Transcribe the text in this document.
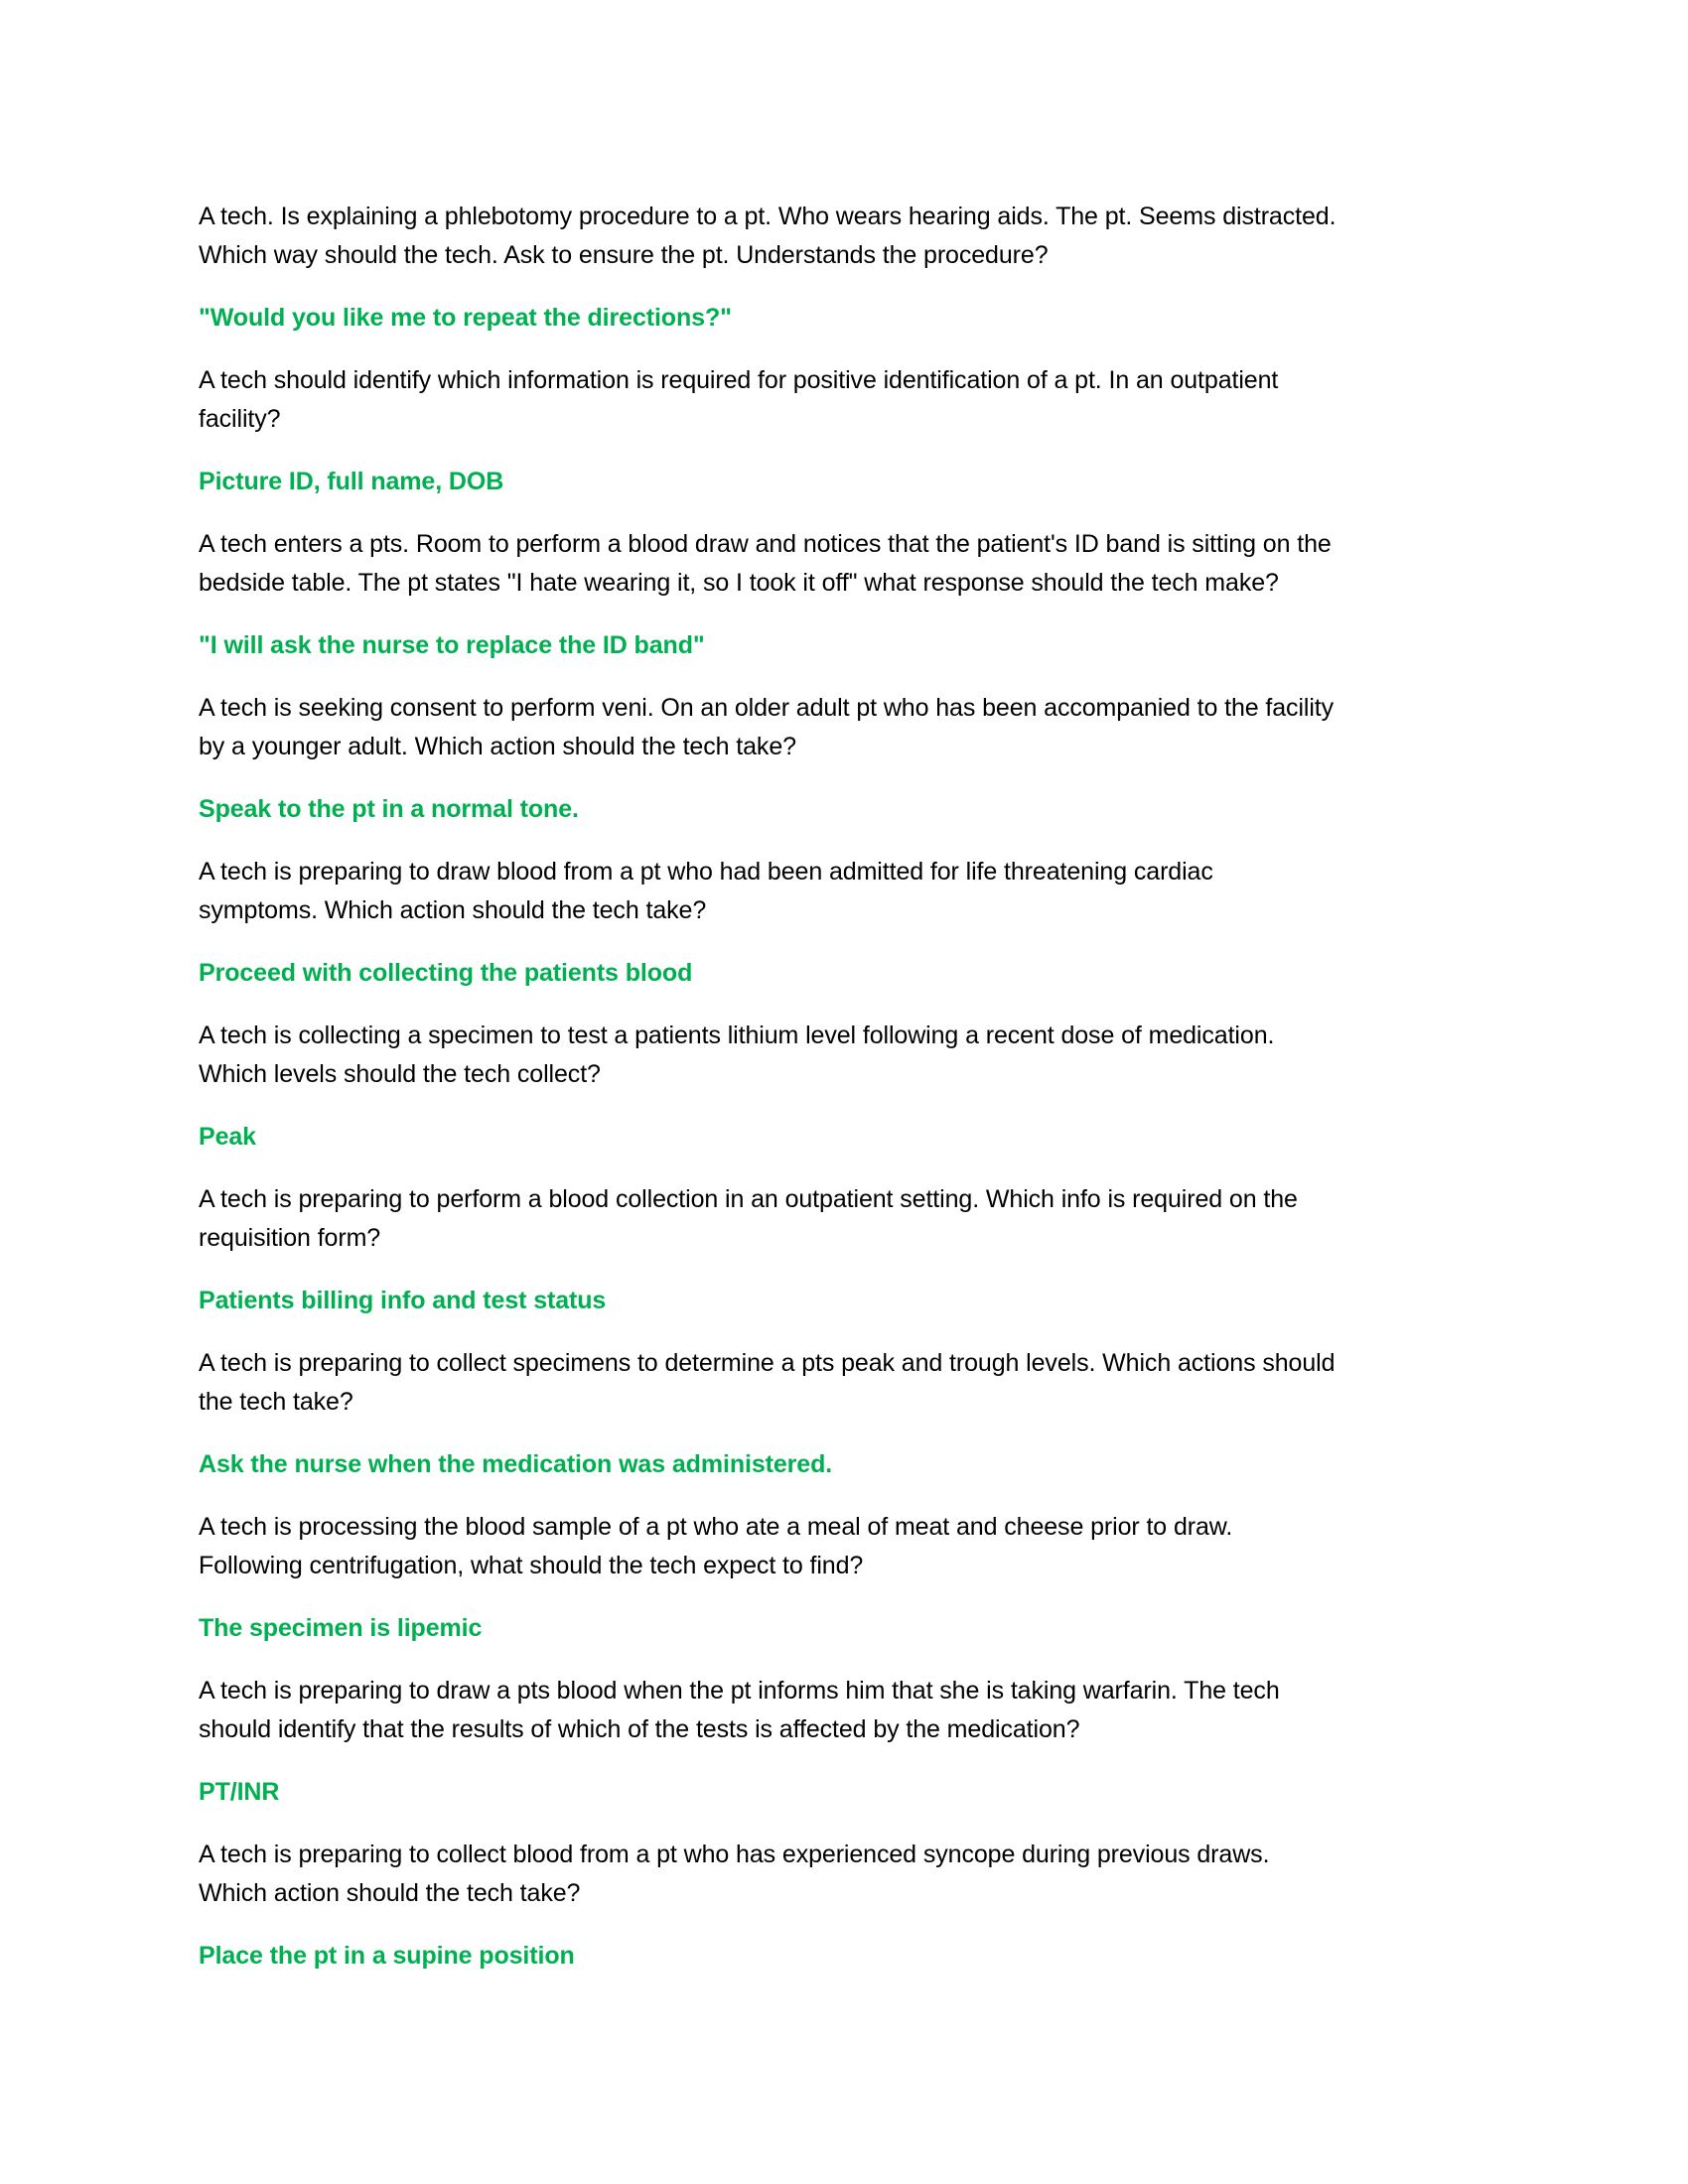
A tech. Is explaining a phlebotomy procedure to a pt. Who wears hearing aids. The pt. Seems distracted.
Which way should the tech. Ask to ensure the pt. Understands the procedure?

"Would you like me to repeat the directions?"

A tech should identify which information is required for positive identification of a pt. In an outpatient
facility?

Picture ID, full name, DOB

A tech enters a pts. Room to perform a blood draw and notices that the patient's ID band is sitting on the
bedside table. The pt states "I hate wearing it, so I took it off" what response should the tech make?

"I will ask the nurse to replace the ID band"

A tech is seeking consent to perform veni. On an older adult pt who has been accompanied to the facility
by a younger adult. Which action should the tech take?

Speak to the pt in a normal tone.

A tech is preparing to draw blood from a pt who had been admitted for life threatening cardiac
symptoms. Which action should the tech take?

Proceed with collecting the patients blood

A tech is collecting a specimen to test a patients lithium level following a recent dose of medication.
Which levels should the tech collect?

Peak

A tech is preparing to perform a blood collection in an outpatient setting. Which info is required on the
requisition form?

Patients billing info and test status

A tech is preparing to collect specimens to determine a pts peak and trough levels. Which actions should
the tech take?

Ask the nurse when the medication was administered.

A tech is processing the blood sample of a pt who ate a meal of meat and cheese prior to draw.
Following centrifugation, what should the tech expect to find?

The specimen is lipemic

A tech is preparing to draw a pts blood when the pt informs him that she is taking warfarin. The tech
should identify that the results of which of the tests is affected by the medication?

PT/INR

A tech is preparing to collect blood from a pt who has experienced syncope during previous draws.
Which action should the tech take?

Place the pt in a supine position
